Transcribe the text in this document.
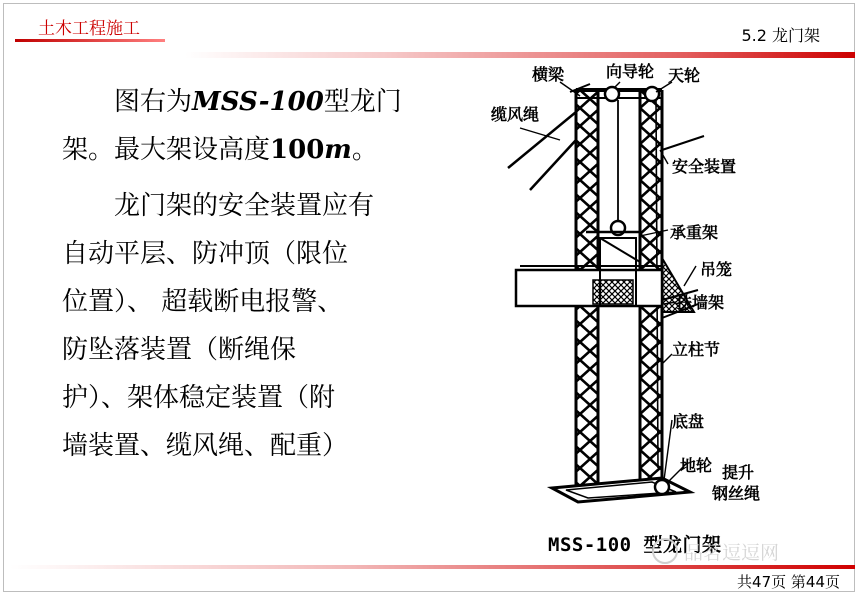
土木工程施工	5.2 龙门架

图右为MSS-100型龙门

架。最大架设高度100m。

龙门架的安全装置应有

自动平层、防冲顶（限位

位置）、 超载断电报警、

防坠落装置（断绳保

护）、架体稳定装置（附

墙装置、缆风绳、配重）

横梁	向导轮 天轮
缆风绳
安全装置
承重架
吊笼
扶墙架
立柱节
底盘
地轮 提升
钢丝绳
MSS-100 型龙门架
品茗逗逗网
共47页 第44页
